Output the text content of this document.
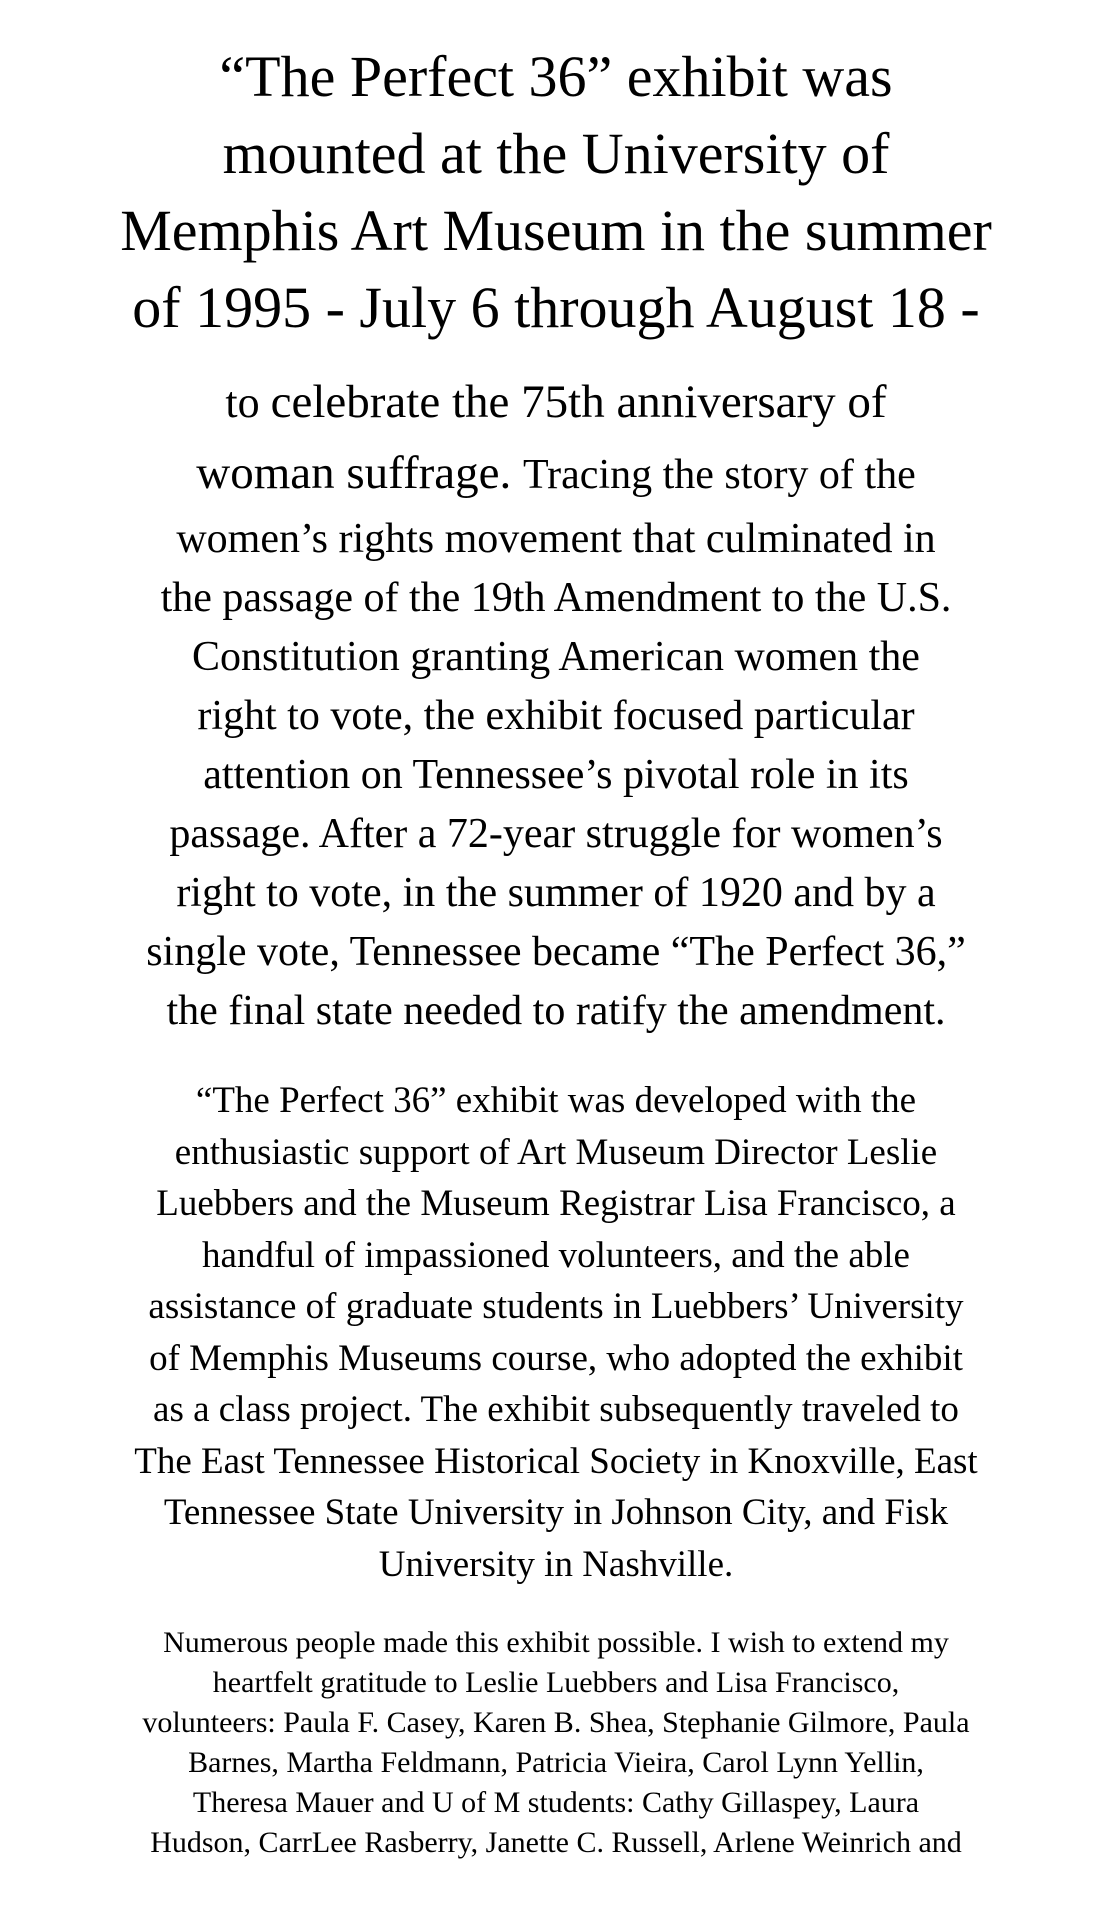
“The Perfect 36” exhibit was
mounted at the University of
Memphis Art Museum in the summer
of 1995 - July 6 through August 18 -
to celebrate the 75th anniversary of
woman suffrage. Tracing the story of the
women’s rights movement that culminated in
the passage of the 19th Amendment to the U.S.
Constitution granting American women the
right to vote, the exhibit focused particular
attention on Tennessee’s pivotal role in its
passage. After a 72-year struggle for women’s
right to vote, in the summer of 1920 and by a
single vote, Tennessee became “The Perfect 36,”
the final state needed to ratify the amendment.
“The Perfect 36” exhibit was developed with the
enthusiastic support of Art Museum Director Leslie
Luebbers and the Museum Registrar Lisa Francisco, a
handful of impassioned volunteers, and the able
assistance of graduate students in Luebbers’ University
of Memphis Museums course, who adopted the exhibit
as a class project. The exhibit subsequently traveled to
The East Tennessee Historical Society in Knoxville, East
Tennessee State University in Johnson City, and Fisk
University in Nashville.
Numerous people made this exhibit possible. I wish to extend my
heartfelt gratitude to Leslie Luebbers and Lisa Francisco,
volunteers: Paula F. Casey, Karen B. Shea, Stephanie Gilmore, Paula
Barnes, Martha Feldmann, Patricia Vieira, Carol Lynn Yellin,
Theresa Mauer and U of M students: Cathy Gillaspey, Laura
Hudson, CarrLee Rasberry, Janette C. Russell, Arlene Weinrich and
